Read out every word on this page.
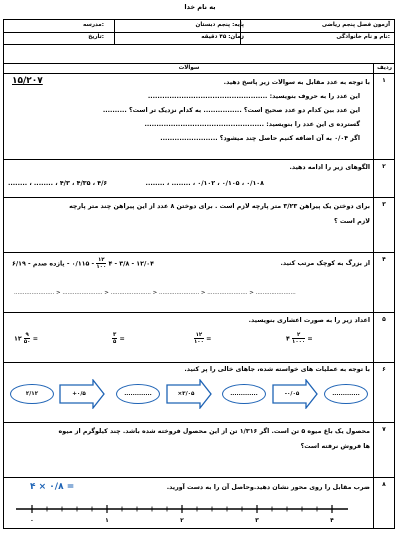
به نام خدا
آزمون فصل پنجم ریاضی
پایه: پنجم دبستان
مدرسه:
نام و نام خانوادگی:
زمان: ۴۵ دقیقه
تاریخ:
ردیف
سوالات
۱
با توجه به عدد مقابل به سوالات زیر پاسخ دهید.
۱۵/۲۰۷
این عدد را به حروف بنویسید: ..................................................
این عدد بین کدام دو عدد صحیح است؟ ................ به کدام نزدیک تر است؟ ..........
گسترده ی این عدد را بنویسید: ..................................................
اگر ۰/۰۴ به آن اضافه کنیم حاصل چند میشود؟ ........................
۲
الگوهای زیر را ادامه دهید.
۰/۱۰۸ ، ۰/۱۰۵ ، ۰/۱۰۲ ، ........ ، ........
۴/۶ ، ۴/۳۵ ، ۴/۳ ، ........ ، ........
۳
برای دوختن یک پیراهن ۳/۲۳ متر پارچه لازم است . برای دوختن ۸ عدد از این پیراهن چند متر پارچه
لازم است ؟
۴
از بزرگ به کوچک مرتب کنید.
۱۲/۰۴ - ۳/۸ - ۴
$\frac{۱۲}{۱۰۰}$
- ۰/۱۱۵ - یازده صدم - ۶/۱۹
....................... > ....................... > ....................... > ....................... > ....................... > .......................
۵
اعداد زیر را به صورت اعشاری بنویسید.
۱۲ $\frac{۹}{۵۰}$ =	$\frac{۳}{۵}$ =	$\frac{۱۲}{۱۰۰}$ =	۴ $\frac{۲}{۱۰۰۰}$ =
۶
با توجه به عملیات های خواسته شده، جاهای خالی را پر کنید.
۲/۱۲	+۰/۵	.............	×۳/۰۵	.............	-۰/۰۵	.............
۷
محصول یک باغ میوه ۵ تن است. اگر ۱/۳۱۶ تن از این محصول فروخته شده باشد. چند کیلوگرم از میوه
ها فروش نرفته است؟
۸
ضرب مقابل را روی محور نشان دهید.وحاصل آن را به دست آورید.
۴ × ۰/۸ =
۰	۱	۲	۳	۴
